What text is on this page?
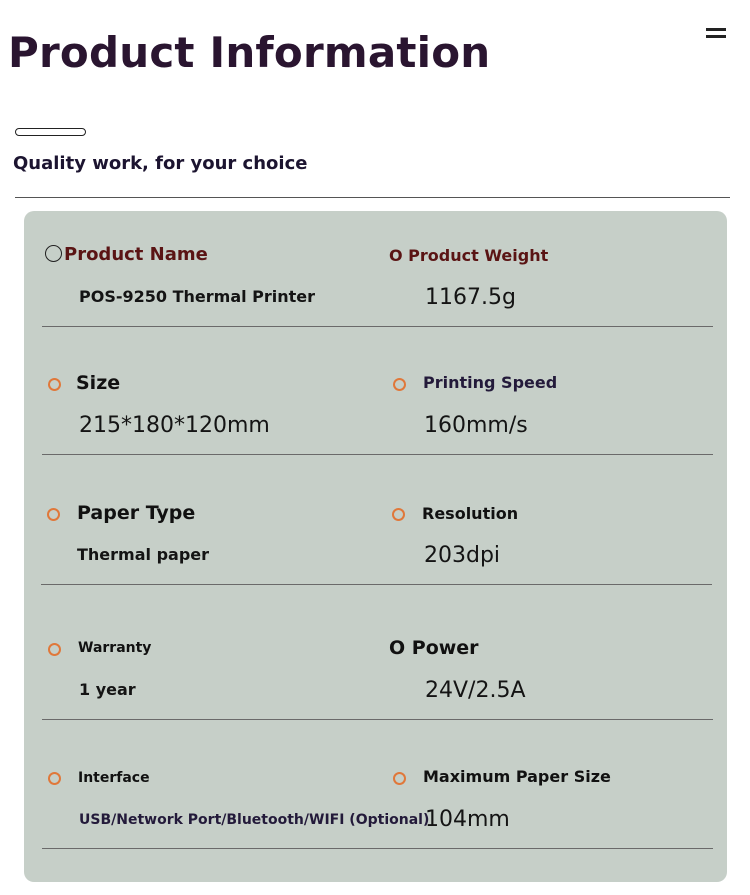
Product Information
Quality work, for your choice
Product Name
POS-9250 Thermal Printer
O Product Weight
1167.5g
Size
215*180*120mm
Printing Speed
160mm/s
Paper Type
Thermal paper
Resolution
203dpi
Warranty
1 year
O Power
24V/2.5A
Interface
USB/Network Port/Bluetooth/WIFI (Optional)
Maximum Paper Size
104mm
